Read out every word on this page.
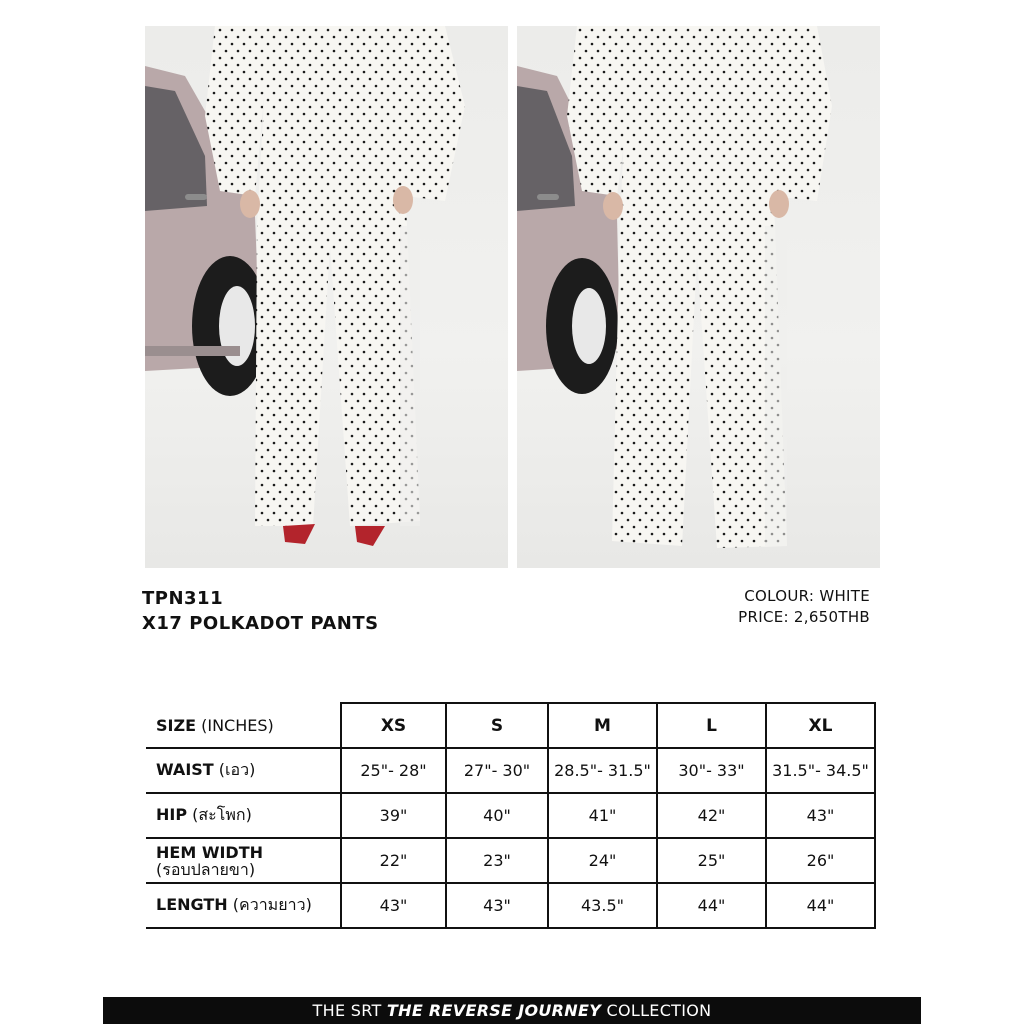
TPN311
X17 POLKADOT PANTS
COLOUR: WHITE
PRICE: 2,650THB
SIZE (INCHES)	XS	S	M	L	XL
WAIST (เอว)	25"- 28"	27"- 30"	28.5"- 31.5"	30"- 33"	31.5"- 34.5"
HIP (สะโพก)	39"	40"	41"	42"	43"

HEM WIDTH
(รอบปลายขา)	22"	23"	24"	25"	26"
LENGTH (ความยาว)	43"	43"	43.5"	44"	44"
THE SRT THE REVERSE JOURNEY COLLECTION
